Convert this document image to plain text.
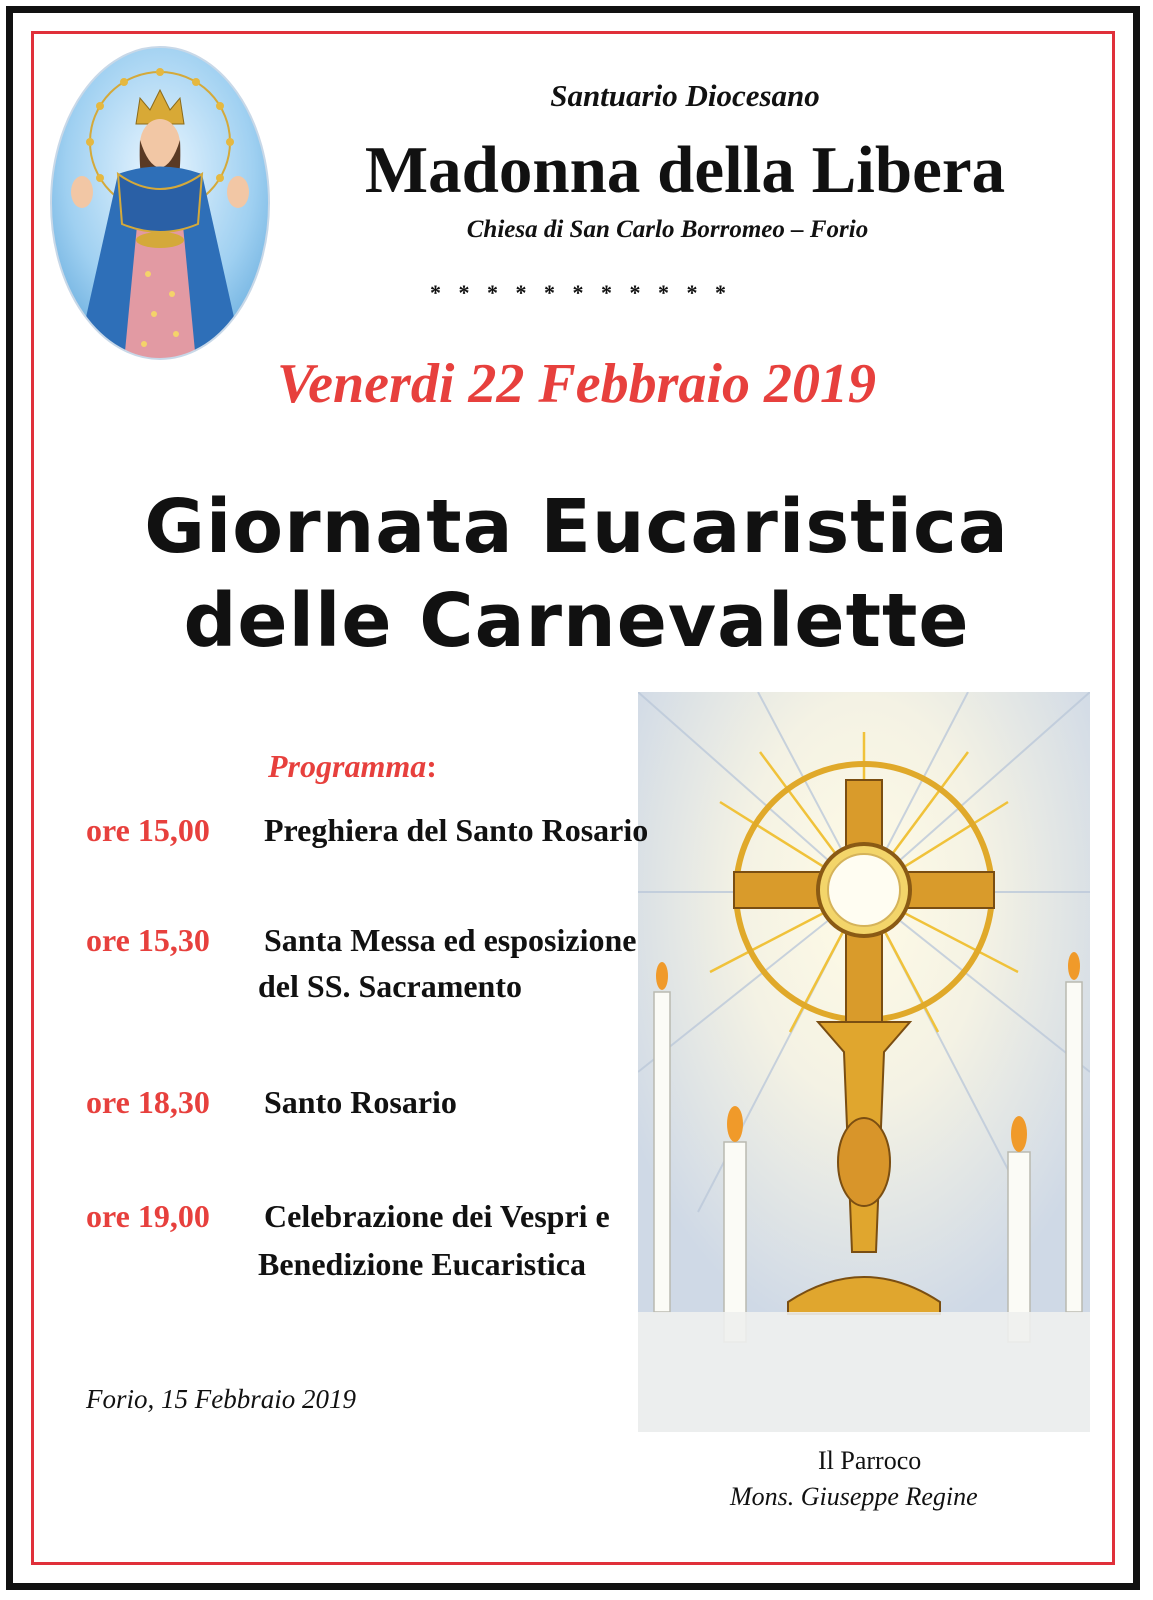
Santuario Diocesano

Madonna della Libera

Chiesa di San Carlo Borromeo – Forio

* * * * * * * * * * *

Venerdi 22 Febbraio 2019

Giornata Eucaristica
delle Carnevalette

Programma:

ore 15,00 Preghiera del Santo Rosario

ore 15,30 Santa Messa ed esposizione

del SS. Sacramento

ore 18,30 Santo Rosario

ore 19,00 Celebrazione dei Vespri e

Benedizione Eucaristica

Forio, 15 Febbraio 2019

Il Parroco

Mons. Giuseppe Regine
